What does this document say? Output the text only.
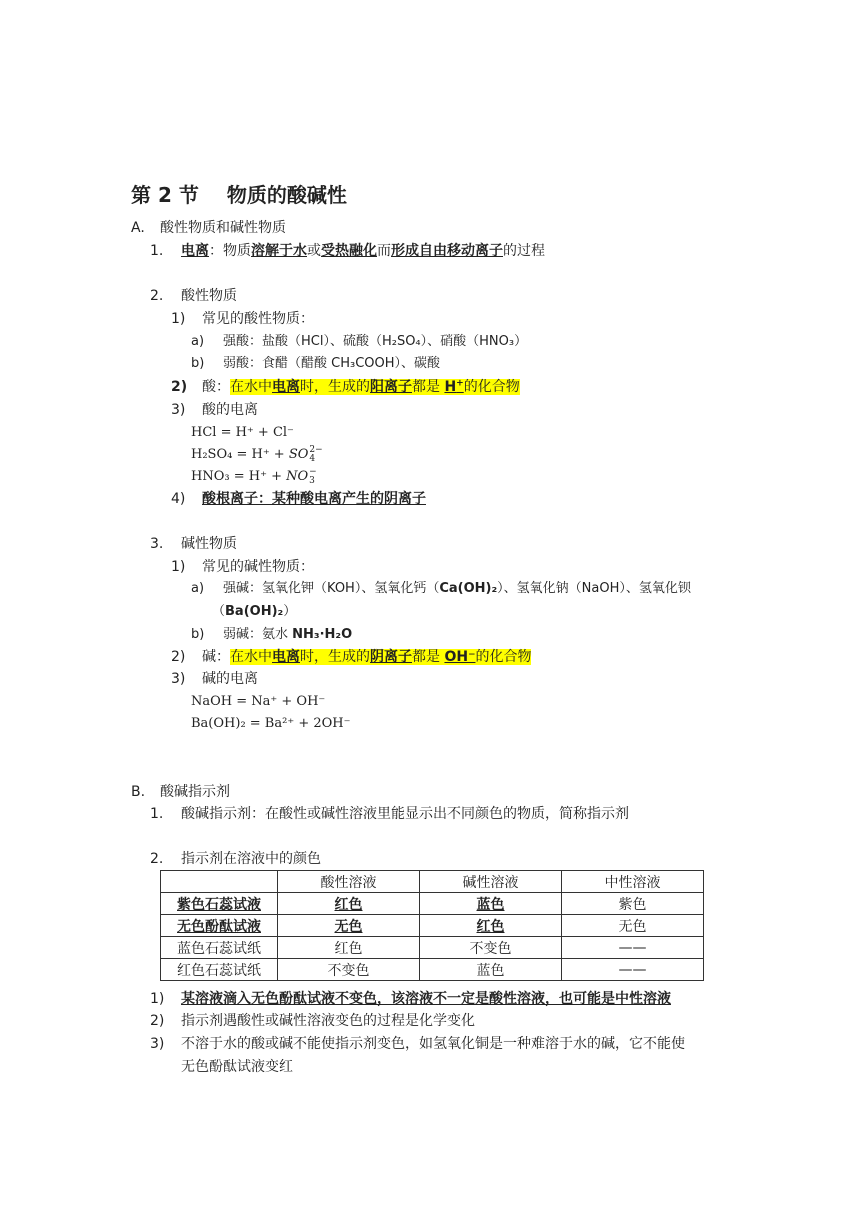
第 2 节 物质的酸碱性
A. 酸性物质和碱性物质
1. 电离：物质溶解于水或受热融化而形成自由移动离子的过程
2. 酸性物质
1) 常见的酸性物质：
a) 强酸：盐酸（HCl）、硫酸（H₂SO₄）、硝酸（HNO₃）
b) 弱酸：食醋（醋酸 CH₃COOH）、碳酸
2) 酸：在水中电离时，生成的阳离子都是 H+的化合物
3) 酸的电离
HCl = H⁺ + Cl⁻
H₂SO₄ = H⁺ + SO 2−
4
HNO₃ = H⁺ + NO −
3
4) 酸根离子：某种酸电离产生的阴离子
3. 碱性物质
1) 常见的碱性物质：
a) 强碱：氢氧化钾（KOH）、氢氧化钙（Ca(OH)₂）、氢氧化钠（NaOH）、氢氧化钡
（Ba(OH)₂）
b) 弱碱：氨水 NH₃·H₂O
2) 碱：在水中电离时，生成的阴离子都是 OH⁻的化合物
3) 碱的电离
NaOH = Na⁺ + OH⁻
Ba(OH)₂ = Ba²⁺ + 2OH⁻
B. 酸碱指示剂
1. 酸碱指示剂：在酸性或碱性溶液里能显示出不同颜色的物质，简称指示剂
2. 指示剂在溶液中的颜色
	酸性溶液	碱性溶液	中性溶液
紫色石蕊试液	红色	蓝色	紫色
无色酚酞试液	无色	红色	无色
蓝色石蕊试纸	红色	不变色	——
红色石蕊试纸	不变色	蓝色	——
1) 某溶液滴入无色酚酞试液不变色，该溶液不一定是酸性溶液，也可能是中性溶液
2) 指示剂遇酸性或碱性溶液变色的过程是化学变化
3) 不溶于水的酸或碱不能使指示剂变色，如氢氧化铜是一种难溶于水的碱，它不能使
无色酚酞试液变红
